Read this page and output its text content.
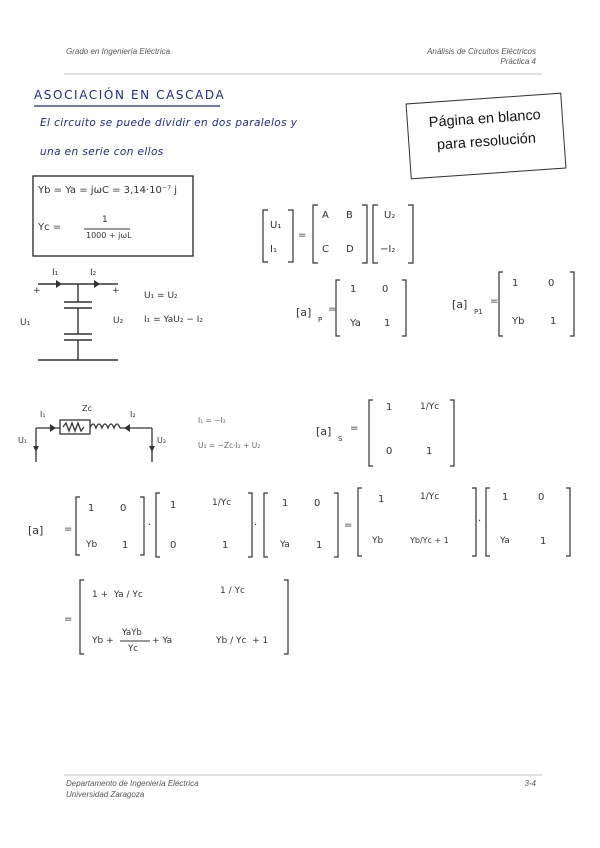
Grado en Ingeniería Eléctrica	Análisis de Circuitos Eléctricos
Práctica 4
Página en blanco
para resolución
ASOCIACIÓN EN CASCADA
El circuito se puede dividir en dos paralelos y
una en serie con ellos
Yb = Ya = jωC = 3,14·10⁻⁷ j
Yc =
1
1000 + jωL
U₁
I₁
=
A B
C D
U₂
−I₂
I₁	I₂
+	+
U₁	U₂
U₁ = U₂
I₁ = YaU₂ − I₂
[a]
P
=
1	0
Ya 1
[a]
P1
=
1	0
Yb	1
Zc
I₁	I₂
U₁	U₂
I₁ = −I₂
U₁ = −Zc·I₂ + U₂
[a]
S
=
1	1/Yc
0	1
[a] =
1	0
Yb 1
·
1	1/Yc
0	1
·
1	0
Ya	1
=
1	1/Yc
Yb	Yb/Yc + 1
·
1	0
Ya	1
=
1 +  Ya / Yc	1 / Yc
Yb +
YaYb
Yc
+ Ya	Yb / Yc  + 1
Departamento de Ingeniería Eléctrica
Universidad Zaragoza
3-4
